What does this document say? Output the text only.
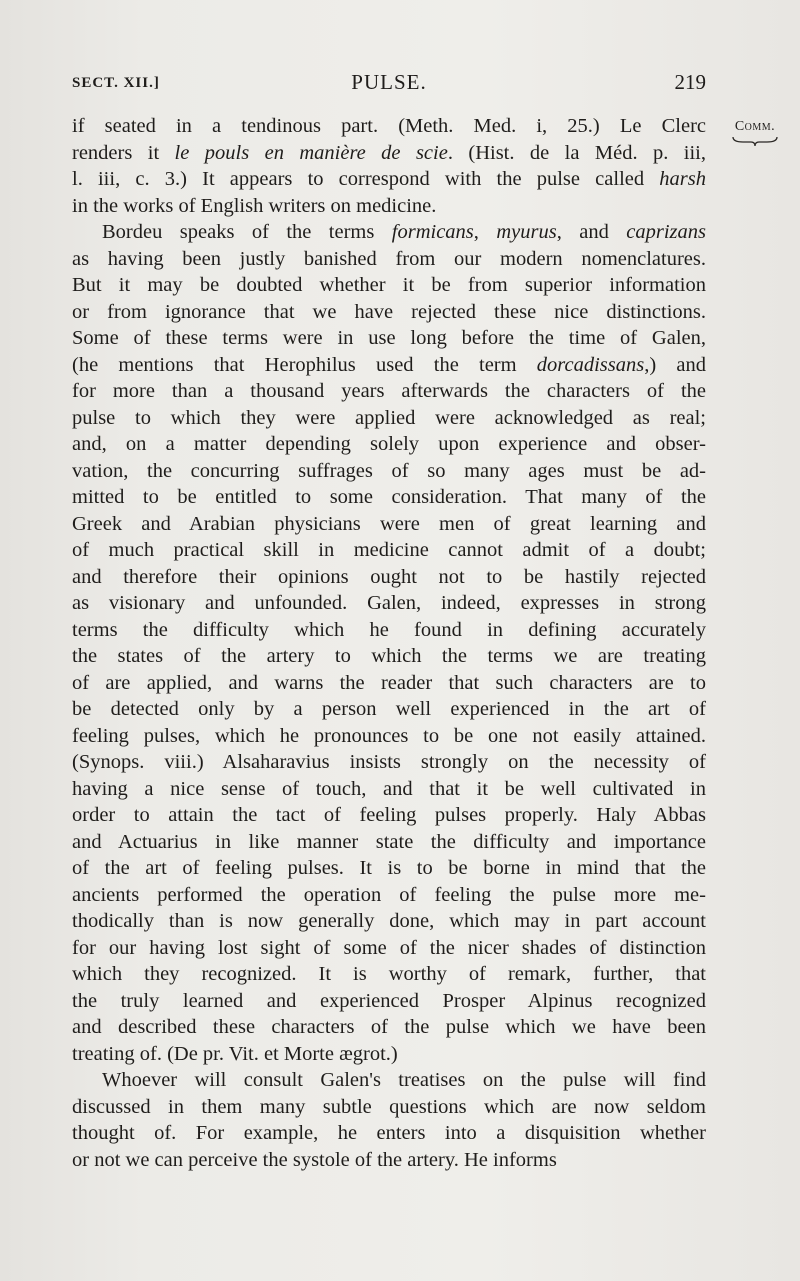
SECT. XII.]	PULSE.	219
Comm.
if seated in a tendinous part. (Meth. Med. i, 25.) Le Clerc
renders it le pouls en manière de scie. (Hist. de la Méd. p. iii,
l. iii, c. 3.) It appears to correspond with the pulse called harsh
in the works of English writers on medicine.
Bordeu speaks of the terms formicans, myurus, and caprizans
as having been justly banished from our modern nomenclatures.
But it may be doubted whether it be from superior information
or from ignorance that we have rejected these nice distinctions.
Some of these terms were in use long before the time of Galen,
(he mentions that Herophilus used the term dorcadissans,) and
for more than a thousand years afterwards the characters of the
pulse to which they were applied were acknowledged as real;
and, on a matter depending solely upon experience and obser-
vation, the concurring suffrages of so many ages must be ad-
mitted to be entitled to some consideration. That many of the
Greek and Arabian physicians were men of great learning and
of much practical skill in medicine cannot admit of a doubt;
and therefore their opinions ought not to be hastily rejected
as visionary and unfounded. Galen, indeed, expresses in strong
terms the difficulty which he found in defining accurately
the states of the artery to which the terms we are treating
of are applied, and warns the reader that such characters are to
be detected only by a person well experienced in the art of
feeling pulses, which he pronounces to be one not easily attained.
(Synops. viii.) Alsaharavius insists strongly on the necessity of
having a nice sense of touch, and that it be well cultivated in
order to attain the tact of feeling pulses properly. Haly Abbas
and Actuarius in like manner state the difficulty and importance
of the art of feeling pulses. It is to be borne in mind that the
ancients performed the operation of feeling the pulse more me-
thodically than is now generally done, which may in part account
for our having lost sight of some of the nicer shades of distinction
which they recognized. It is worthy of remark, further, that
the truly learned and experienced Prosper Alpinus recognized
and described these characters of the pulse which we have been
treating of. (De pr. Vit. et Morte ægrot.)
Whoever will consult Galen's treatises on the pulse will find
discussed in them many subtle questions which are now seldom
thought of. For example, he enters into a disquisition whether
or not we can perceive the systole of the artery. He informs
